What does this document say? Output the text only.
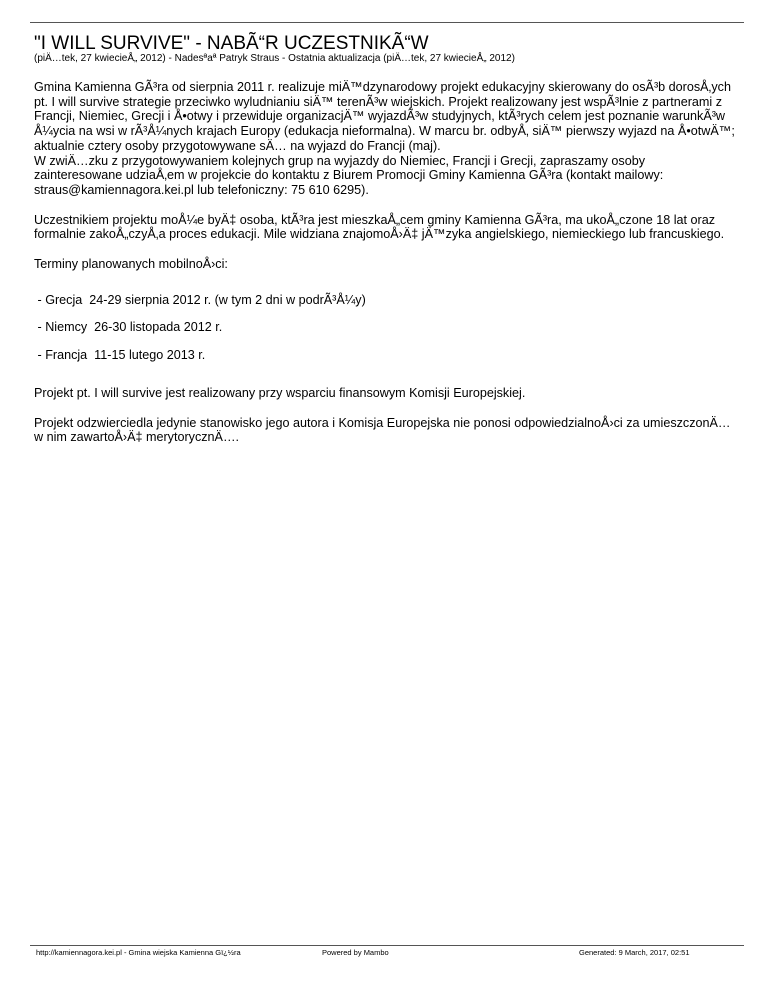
"I WILL SURVIVE" - NABÃ“R UCZESTNIKÃ“W
(piÄ…tek, 27 kwiecieÅ„ 2012) - Nadesªaª Patryk Straus - Ostatnia aktualizacja (piÄ…tek, 27 kwiecieÅ„ 2012)

Gmina Kamienna GÃ³ra od sierpnia 2011 r. realizuje miÄ™dzynarodowy projekt edukacyjny skierowany do osÃ³b dorosÅ‚ych
pt. I will survive strategie przeciwko wyludnianiu siÄ™ terenÃ³w wiejskich. Projekt realizowany jest wspÃ³lnie z partnerami z
Francji, Niemiec, Grecji i Å•otwy i przewiduje organizacjÄ™ wyjazdÃ³w studyjnych, ktÃ³rych celem jest poznanie warunkÃ³w
Å¼ycia na wsi w rÃ³Å¼nych krajach Europy (edukacja nieformalna). W marcu br. odbyÅ‚ siÄ™ pierwszy wyjazd na Å•otwÄ™;
aktualnie cztery osoby przygotowywane sÄ… na wyjazd do Francji (maj).
W zwiÄ…zku z przygotowywaniem kolejnych grup na wyjazdy do Niemiec, Francji i Grecji, zapraszamy osoby
zainteresowane udziaÅ‚em w projekcie do kontaktu z Biurem Promocji Gminy Kamienna GÃ³ra (kontakt mailowy:
straus@kamiennagora.kei.pl lub telefoniczny: 75 610 6295).

Uczestnikiem projektu moÅ¼e byÄ‡ osoba, ktÃ³ra jest mieszkaÅ„cem gminy Kamienna GÃ³ra, ma ukoÅ„czone 18 lat oraz
formalnie zakoÅ„czyÅ‚a proces edukacji. Mile widziana znajomoÅ›Ä‡ jÄ™zyka angielskiego, niemieckiego lub francuskiego.

Terminy planowanych mobilnoÅ›ci:

- Grecja  24-29 sierpnia 2012 r. (w tym 2 dni w podrÃ³Å¼y)

- Niemcy  26-30 listopada 2012 r.

- Francja  11-15 lutego 2013 r.

Projekt pt. I will survive jest realizowany przy wsparciu finansowym Komisji Europejskiej.

Projekt odzwierciedla jedynie stanowisko jego autora i Komisja Europejska nie ponosi odpowiedzialnoÅ›ci za umieszczonÄ…
w nim zawartoÅ›Ä‡ merytorycznÄ….

http://kamiennagora.kei.pl - Gmina wiejska Kamienna Gï¿½ra	Powered by Mambo	Generated: 9 March, 2017, 02:51
